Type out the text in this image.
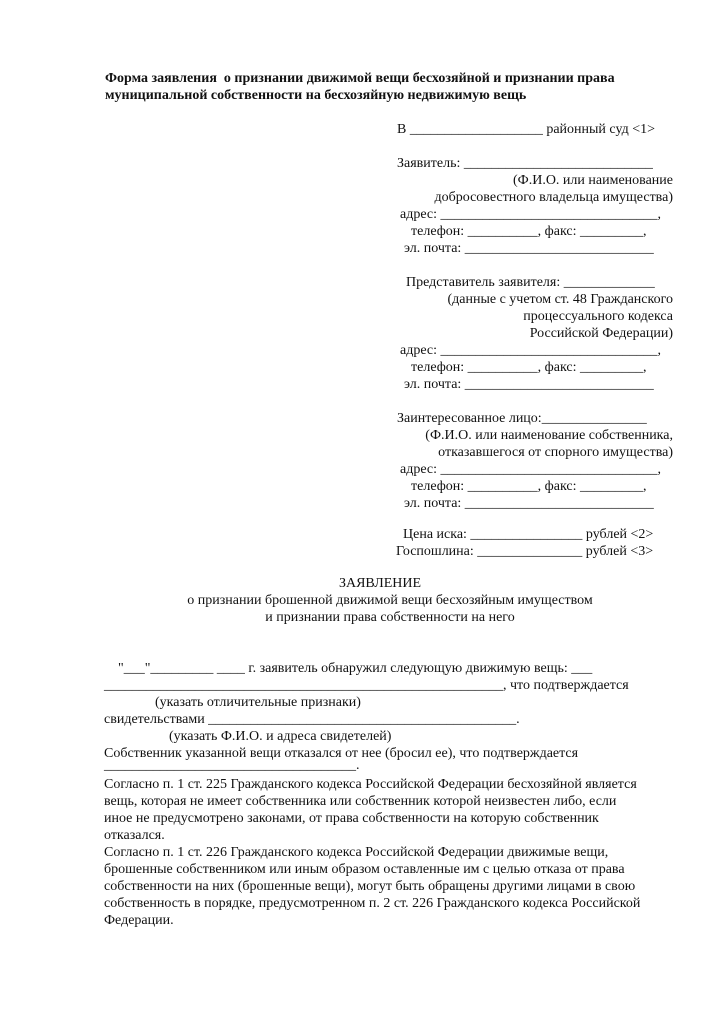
Форма заявления  о признании движимой вещи бесхозяйной и признании права
муниципальной собственности на бесхозяйную недвижимую вещь
В ___________________ районный суд <1>
Заявитель: ___________________________
(Ф.И.О. или наименование
добросовестного владельца имущества)
адрес: _______________________________,
телефон: __________, факс: _________,
эл. почта: ___________________________
Представитель заявителя: _____________
(данные с учетом ст. 48 Гражданского
процессуального кодекса
Российской Федерации)
адрес: _______________________________,
телефон: __________, факс: _________,
эл. почта: ___________________________
Заинтересованное лицо:_______________
(Ф.И.О. или наименование собственника,
отказавшегося от спорного имущества)
адрес: _______________________________,
телефон: __________, факс: _________,
эл. почта: ___________________________
Цена иска: ________________ рублей <2>
Госпошлина: _______________ рублей <3>
ЗАЯВЛЕНИЕ
о признании брошенной движимой вещи бесхозяйным имуществом
и признании права собственности на него
"___"_________ ____ г. заявитель обнаружил следующую движимую вещь: ___
_________________________________________________________, что подтверждается
(указать отличительные признаки)
свидетельствами ____________________________________________.
(указать Ф.И.О. и адреса свидетелей)
Собственник указанной вещи отказался от нее (бросил ее), что подтверждается
____________________________________.
Согласно п. 1 ст. 225 Гражданского кодекса Российской Федерации бесхозяйной является
вещь, которая не имеет собственника или собственник которой неизвестен либо, если
иное не предусмотрено законами, от права собственности на которую собственник
отказался.
Согласно п. 1 ст. 226 Гражданского кодекса Российской Федерации движимые вещи,
брошенные собственником или иным образом оставленные им с целью отказа от права
собственности на них (брошенные вещи), могут быть обращены другими лицами в свою
собственность в порядке, предусмотренном п. 2 ст. 226 Гражданского кодекса Российской
Федерации.
